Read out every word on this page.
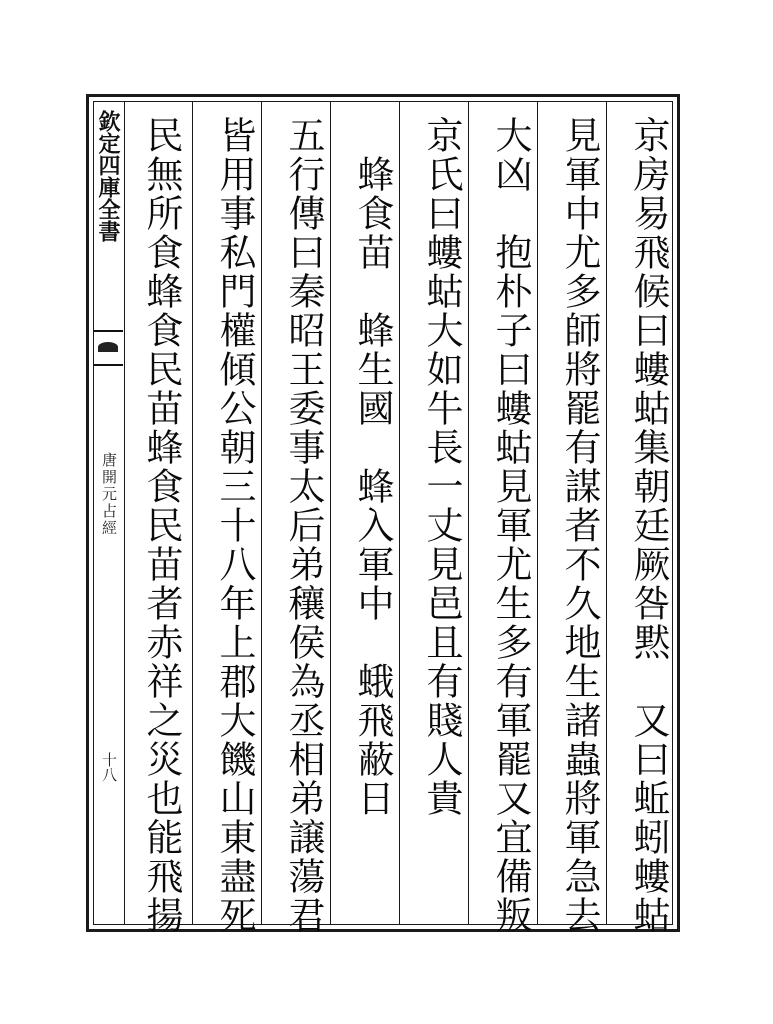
欽定四庫全書
唐開元占經
十八	京房易飛候曰螻蛄集朝廷厥咎黙　又曰蚯蚓螻蛄
見軍中尤多師將罷有謀者不久地生諸蟲將軍急去
大凶　抱朴子曰螻蛄見軍尤生多有軍罷又宜備叛
京氏曰螻蛄大如牛長一丈見邑且有賤人貴
　蜂食苗　蜂生國　蜂入軍中　蛾飛蔽日
五行傳曰秦昭王委事太后弟穰侯為丞相弟譲蕩君
皆用事私門權傾公朝三十八年上郡大饑山東盡死
民無所食蜂食民苗蜂食民苗者赤祥之災也能飛揚
